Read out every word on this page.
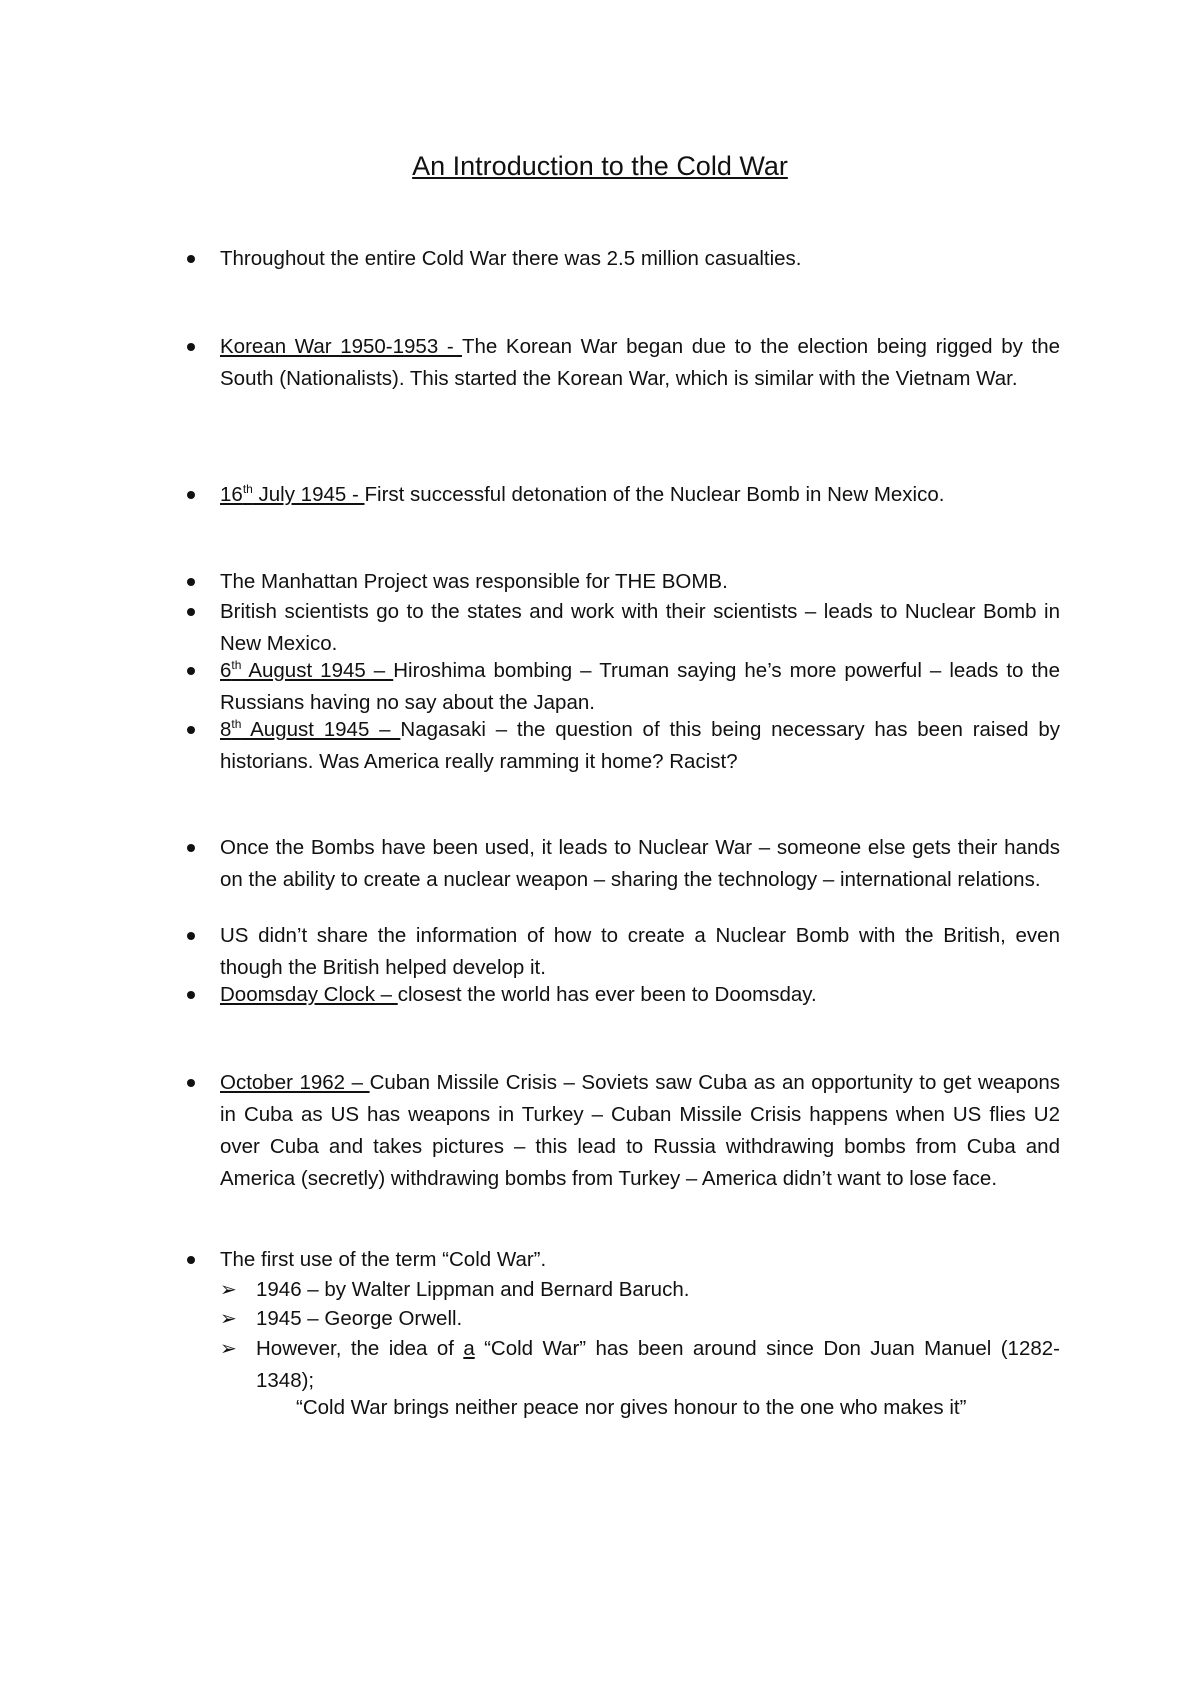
An Introduction to the Cold War
Throughout the entire Cold War there was 2.5 million casualties.
Korean War 1950-1953 - The Korean War began due to the election being rigged by the South (Nationalists). This started the Korean War, which is similar with the Vietnam War.
16th July 1945 - First successful detonation of the Nuclear Bomb in New Mexico.
The Manhattan Project was responsible for THE BOMB.
British scientists go to the states and work with their scientists – leads to Nuclear Bomb in New Mexico.
6th August 1945 – Hiroshima bombing – Truman saying he’s more powerful – leads to the Russians having no say about the Japan.
8th August 1945 – Nagasaki – the question of this being necessary has been raised by historians. Was America really ramming it home? Racist?
Once the Bombs have been used, it leads to Nuclear War – someone else gets their hands on the ability to create a nuclear weapon – sharing the technology – international relations.
US didn’t share the information of how to create a Nuclear Bomb with the British, even though the British helped develop it.
Doomsday Clock – closest the world has ever been to Doomsday.
October 1962 – Cuban Missile Crisis – Soviets saw Cuba as an opportunity to get weapons in Cuba as US has weapons in Turkey – Cuban Missile Crisis happens when US flies U2 over Cuba and takes pictures – this lead to Russia withdrawing bombs from Cuba and America (secretly) withdrawing bombs from Turkey – America didn’t want to lose face.
The first use of the term “Cold War”.
➢ 1946 – by Walter Lippman and Bernard Baruch.
➢ 1945 – George Orwell.
➢ However, the idea of a “Cold War” has been around since Don Juan Manuel (1282-1348);
“Cold War brings neither peace nor gives honour to the one who makes it”
